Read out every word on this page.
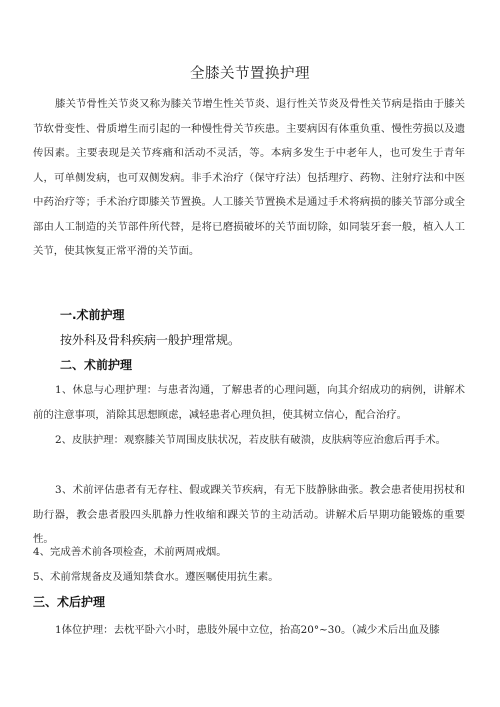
全膝关节置换护理

膝关节骨性关节炎又称为膝关节增生性关节炎、退行性关节炎及骨性关节病是指由于膝关节软骨变性、骨质增生而引起的一种慢性骨关节疾患。主要病因有体重负重、慢性劳损以及遗传因素。主要表现是关节疼痛和活动不灵活，等。本病多发生于中老年人，也可发生于青年人，可单侧发病，也可双侧发病。非手术治疗（保守疗法）包括理疗、药物、注射疗法和中医中药治疗等；手术治疗即膝关节置换。人工膝关节置换术是通过手术将病损的膝关节部分或全部由人工制造的关节部件所代替，是将已磨损破坏的关节面切除，如同装牙套一般，植入人工关节，使其恢复正常平滑的关节面。

一.术前护理

按外科及骨科疾病一般护理常规。

二、术前护理

1、休息与心理护理：与患者沟通，了解患者的心理问题，向其介绍成功的病例，讲解术前的注意事项，消除其思想顾虑，减轻患者心理负担，使其树立信心，配合治疗。

2、皮肤护理：观察膝关节周围皮肤状况，若皮肤有破溃，皮肤病等应治愈后再手术。

3、术前评估患者有无存柱、假或踝关节疾病，有无下肢静脉曲张。教会患者使用拐杖和助行器，教会患者股四头肌静力性收缩和踝关节的主动活动。讲解术后早期功能锻炼的重要性。

4、完成善术前各项检查，术前两周戒烟。

5、术前常规备皮及通知禁食水。遵医嘱使用抗生素。

三、术后护理

1体位护理：去枕平卧六小时，患肢外展中立位，抬高20°~30。（减少术后出血及膝
